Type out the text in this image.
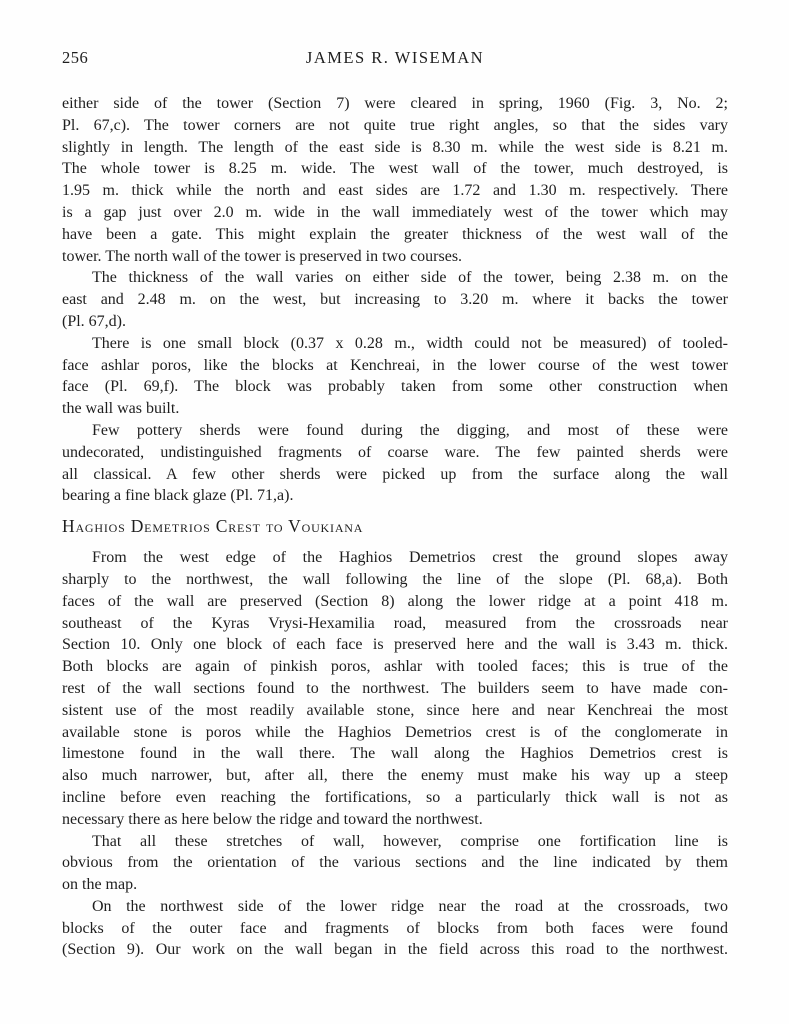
256	JAMES R. WISEMAN
either side of the tower (Section 7) were cleared in spring, 1960 (Fig. 3, No. 2;
Pl. 67,c). The tower corners are not quite true right angles, so that the sides vary
slightly in length. The length of the east side is 8.30 m. while the west side is 8.21 m.
The whole tower is 8.25 m. wide. The west wall of the tower, much destroyed, is
1.95 m. thick while the north and east sides are 1.72 and 1.30 m. respectively. There
is a gap just over 2.0 m. wide in the wall immediately west of the tower which may
have been a gate. This might explain the greater thickness of the west wall of the
tower. The north wall of the tower is preserved in two courses.
The thickness of the wall varies on either side of the tower, being 2.38 m. on the
east and 2.48 m. on the west, but increasing to 3.20 m. where it backs the tower
(Pl. 67,d).
There is one small block (0.37 x 0.28 m., width could not be measured) of tooled-
face ashlar poros, like the blocks at Kenchreai, in the lower course of the west tower
face (Pl. 69,f). The block was probably taken from some other construction when
the wall was built.
Few pottery sherds were found during the digging, and most of these were
undecorated, undistinguished fragments of coarse ware. The few painted sherds were
all classical. A few other sherds were picked up from the surface along the wall
bearing a fine black glaze (Pl. 71,a).
Haghios Demetrios Crest to Voukiana
From the west edge of the Haghios Demetrios crest the ground slopes away
sharply to the northwest, the wall following the line of the slope (Pl. 68,a). Both
faces of the wall are preserved (Section 8) along the lower ridge at a point 418 m.
southeast of the Kyras Vrysi-Hexamilia road, measured from the crossroads near
Section 10. Only one block of each face is preserved here and the wall is 3.43 m. thick.
Both blocks are again of pinkish poros, ashlar with tooled faces; this is true of the
rest of the wall sections found to the northwest. The builders seem to have made con-
sistent use of the most readily available stone, since here and near Kenchreai the most
available stone is poros while the Haghios Demetrios crest is of the conglomerate in
limestone found in the wall there. The wall along the Haghios Demetrios crest is
also much narrower, but, after all, there the enemy must make his way up a steep
incline before even reaching the fortifications, so a particularly thick wall is not as
necessary there as here below the ridge and toward the northwest.
That all these stretches of wall, however, comprise one fortification line is
obvious from the orientation of the various sections and the line indicated by them
on the map.
On the northwest side of the lower ridge near the road at the crossroads, two
blocks of the outer face and fragments of blocks from both faces were found
(Section 9). Our work on the wall began in the field across this road to the northwest.
